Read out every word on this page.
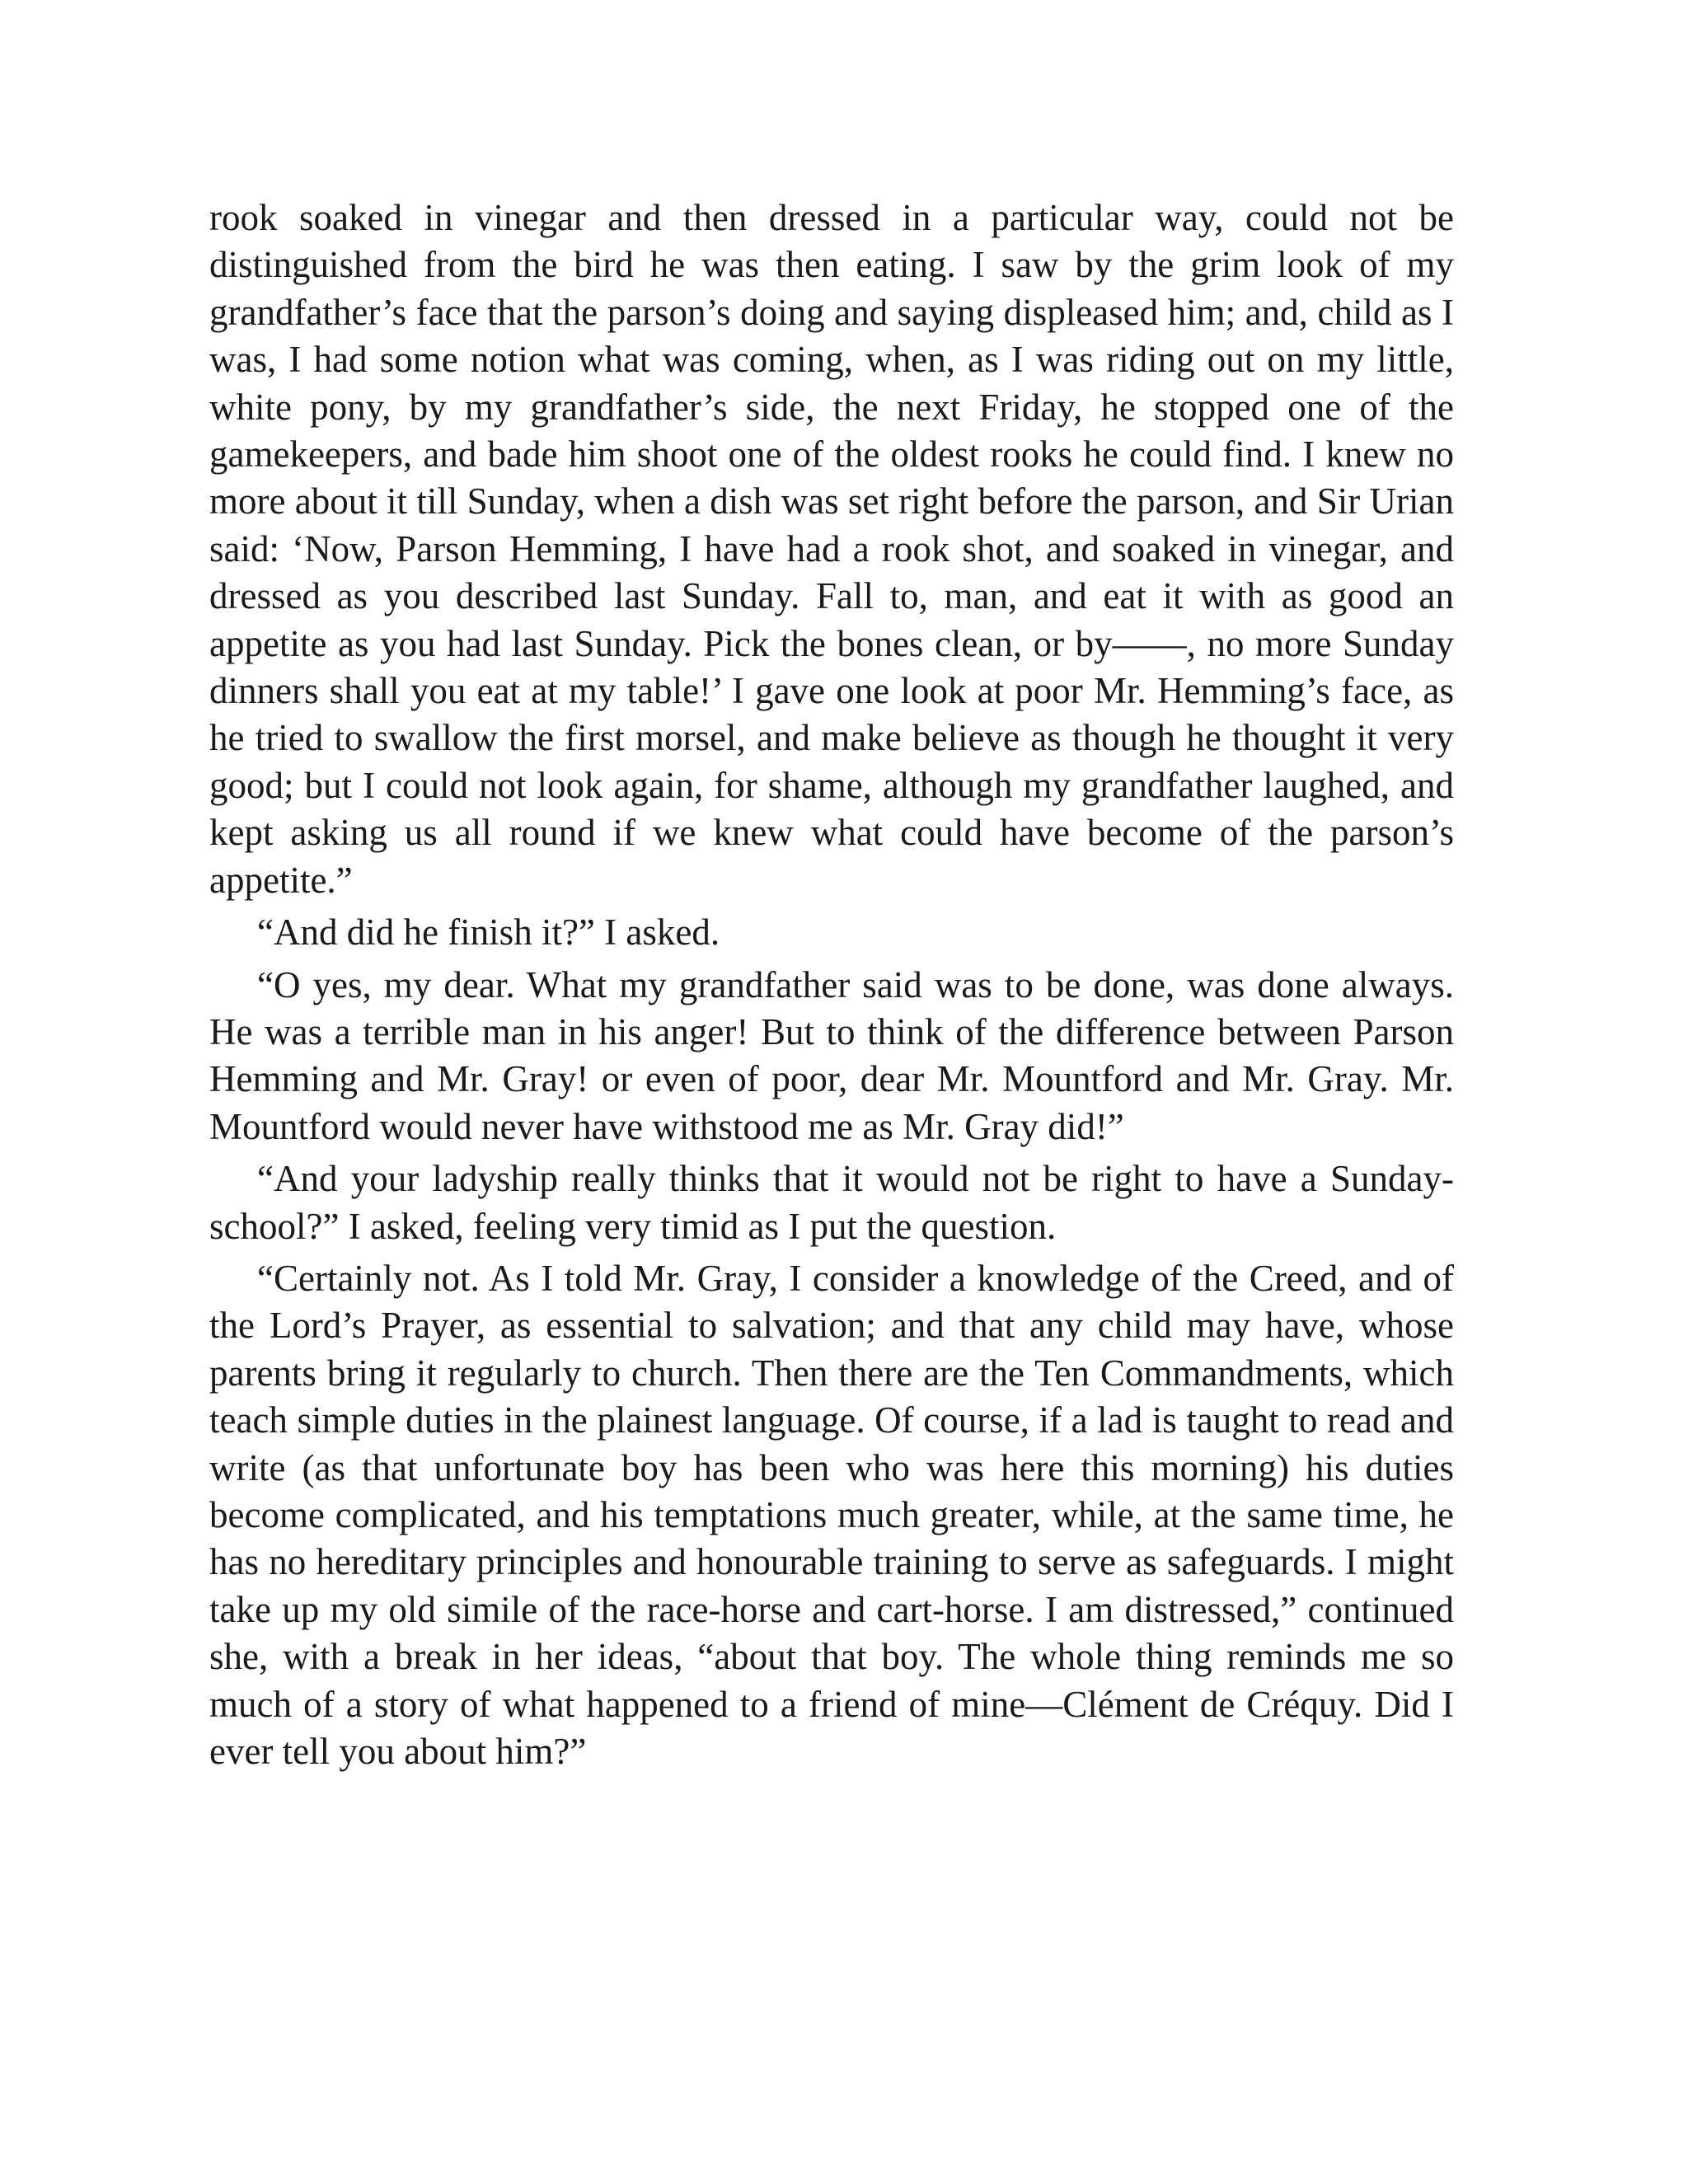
rook soaked in vinegar and then dressed in a particular way, could not be distinguished from the bird he was then eating. I saw by the grim look of my grandfather’s face that the parson’s doing and saying displeased him; and, child as I was, I had some notion what was coming, when, as I was riding out on my little, white pony, by my grandfather’s side, the next Friday, he stopped one of the gamekeepers, and bade him shoot one of the oldest rooks he could find. I knew no more about it till Sunday, when a dish was set right before the parson, and Sir Urian said: ‘Now, Parson Hemming, I have had a rook shot, and soaked in vinegar, and dressed as you described last Sunday. Fall to, man, and eat it with as good an appetite as you had last Sunday. Pick the bones clean, or by——, no more Sunday dinners shall you eat at my table!’ I gave one look at poor Mr. Hemming’s face, as he tried to swallow the first morsel, and make believe as though he thought it very good; but I could not look again, for shame, although my grandfather laughed, and kept asking us all round if we knew what could have become of the parson’s appetite.”

“And did he finish it?” I asked.

“O yes, my dear. What my grandfather said was to be done, was done always. He was a terrible man in his anger! But to think of the difference between Parson Hemming and Mr. Gray! or even of poor, dear Mr. Mountford and Mr. Gray. Mr. Mountford would never have withstood me as Mr. Gray did!”

“And your ladyship really thinks that it would not be right to have a Sunday-school?” I asked, feeling very timid as I put the question.

“Certainly not. As I told Mr. Gray, I consider a knowledge of the Creed, and of the Lord’s Prayer, as essential to salvation; and that any child may have, whose parents bring it regularly to church. Then there are the Ten Commandments, which teach simple duties in the plainest language. Of course, if a lad is taught to read and write (as that unfortunate boy has been who was here this morning) his duties become complicated, and his temptations much greater, while, at the same time, he has no hereditary principles and honourable training to serve as safeguards. I might take up my old simile of the race-horse and cart-horse. I am distressed,” continued she, with a break in her ideas, “about that boy. The whole thing reminds me so much of a story of what happened to a friend of mine—Clément de Créquy. Did I ever tell you about him?”
